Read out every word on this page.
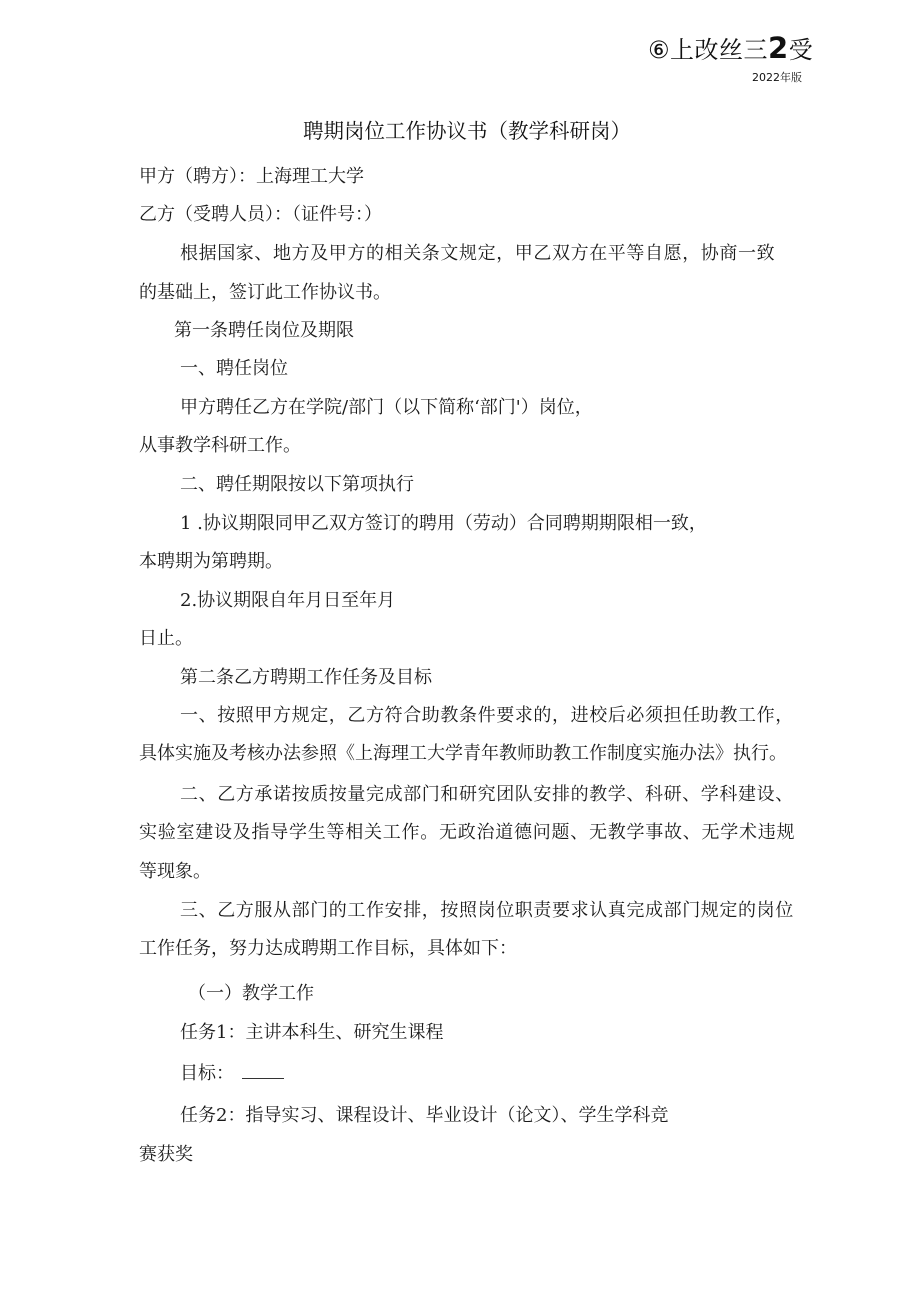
⑥上改丝三2受
2022年版
聘期岗位工作协议书（教学科研岗）
甲方（聘方）：上海理工大学
乙方（受聘人员）：（证件号：）
根据国家、地方及甲方的相关条文规定，甲乙双方在平等自愿，协商一致
的基础上，签订此工作协议书。
第一条聘任岗位及期限
一、聘任岗位
甲方聘任乙方在学院/部门（以下简称‘部门'）岗位，
从事教学科研工作。
二、聘任期限按以下第项执行
1 .协议期限同甲乙双方签订的聘用（劳动）合同聘期期限相一致，
本聘期为第聘期。
2.协议期限自年月日至年月
日止。
第二条乙方聘期工作任务及目标
一、按照甲方规定，乙方符合助教条件要求的，进校后必须担任助教工作，
具体实施及考核办法参照《上海理工大学青年教师助教工作制度实施办法》执行。
二、乙方承诺按质按量完成部门和研究团队安排的教学、科研、学科建设、
实验室建设及指导学生等相关工作。无政治道德问题、无教学事故、无学术违规
等现象。
三、乙方服从部门的工作安排，按照岗位职责要求认真完成部门规定的岗位
工作任务，努力达成聘期工作目标，具体如下：
（一）教学工作
任务1：主讲本科生、研究生课程
目标：
任务2：指导实习、课程设计、毕业设计（论文）、学生学科竞
赛获奖
